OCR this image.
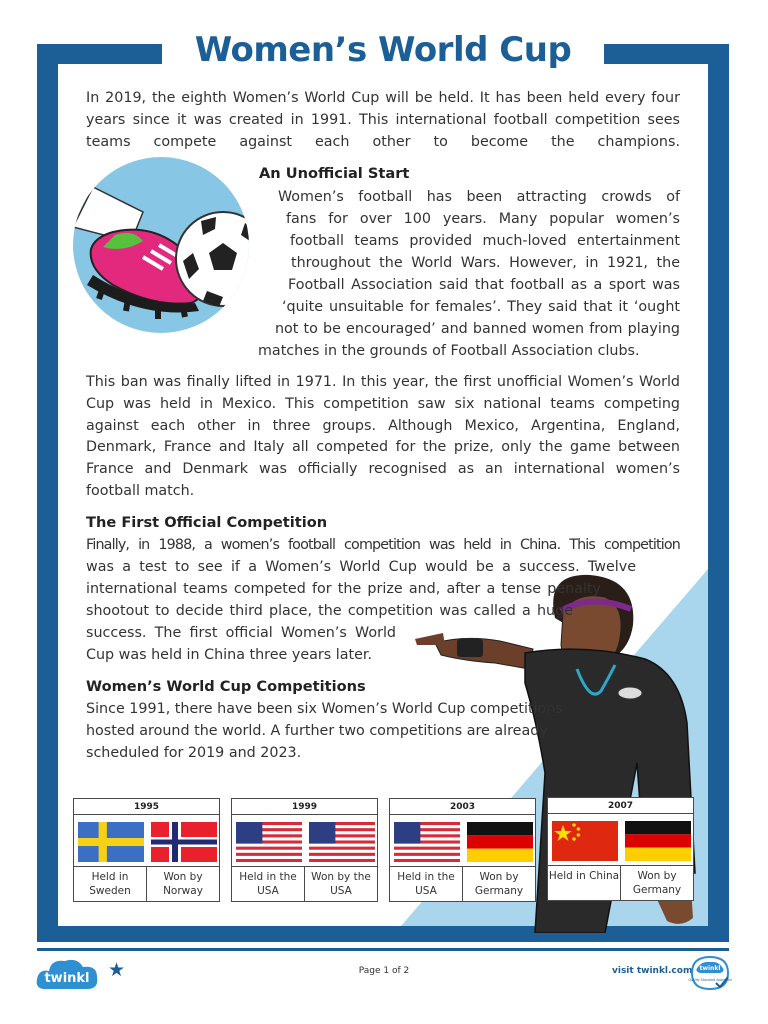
Women’s World Cup

In 2019, the eighth Women’s World Cup will be held. It has been held every four years since it was created in 1991. This international football competition sees teams compete against each other to become the champions.

An Unofficial Start
Women’s football has been attracting crowds of
fans for over 100 years. Many popular women’s
football teams provided much-loved entertainment
throughout the World Wars. However, in 1921, the
Football Association said that football as a sport was
‘quite unsuitable for females’. They said that it ‘ought
not to be encouraged’ and banned women from playing
matches in the grounds of Football Association clubs.

This ban was finally lifted in 1971. In this year, the first unofficial Women’s World Cup was held in Mexico. This competition saw six national teams competing against each other in three groups. Although Mexico, Argentina, England, Denmark, France and Italy all competed for the prize, only the game between France and Denmark was officially recognised as an international women’s football match.

The First Official Competition
Finally, in 1988, a women’s football competition was held in China. This competition
was a test to see if a Women’s World Cup would be a success. Twelve
international teams competed for the prize and, after a tense penalty
shootout to decide third place, the competition was called a huge
success. The first official Women’s World
Cup was held in China three years later.
Women’s World Cup Competitions
Since 1991, there have been six Women’s World Cup competitions
hosted around the world. A further two competitions are already
scheduled for 2019 and 2023.
1995
Held in Sweden
Won by Norway
1999
Held in the USA
Won by the USA
2003
Held in the USA
Won by Germany
2007
Held in China	Won by Germany
twinkl ★	Page 1 of 2	visit twinkl.com twinkl
Quality Standard Approved
